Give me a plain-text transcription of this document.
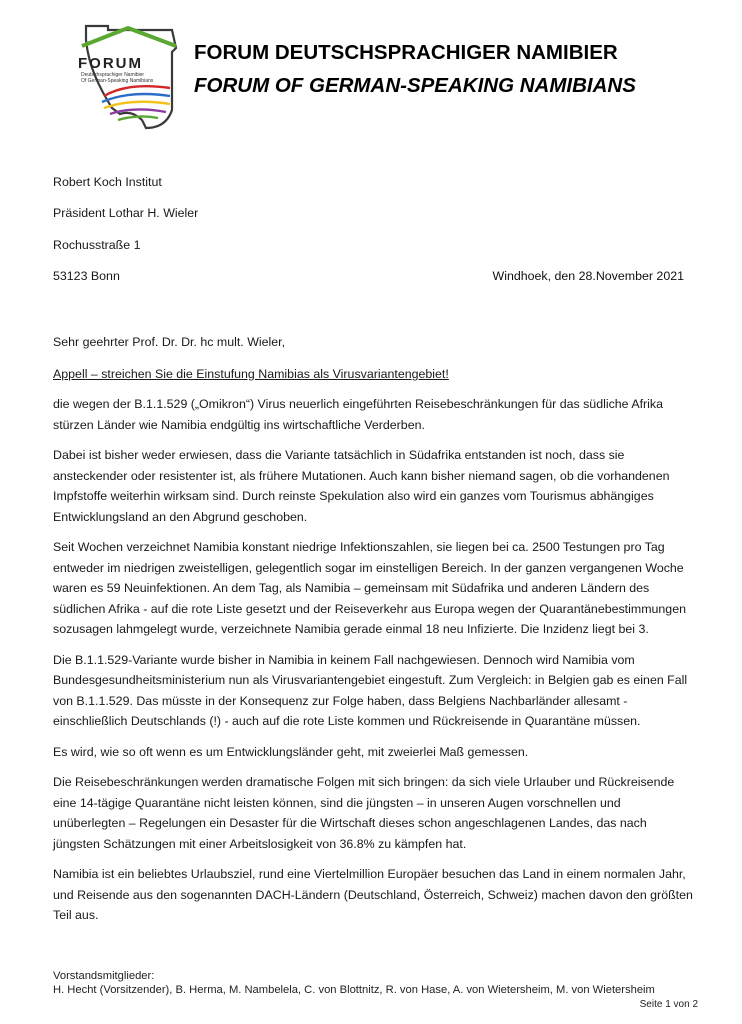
FORUM
Deutschsprachiger Namibier
Of German-Speaking Namibians
FORUM DEUTSCHSPRACHIGER NAMIBIER
FORUM OF GERMAN-SPEAKING NAMIBIANS
Robert Koch Institut
Präsident Lothar H. Wieler
Rochusstraße 1
53123 Bonn	Windhoek, den 28.November 2021
Sehr geehrter Prof. Dr. Dr. hc mult. Wieler,
Appell – streichen Sie die Einstufung Namibias als Virusvariantengebiet!

die wegen der B.1.1.529 („Omikron“) Virus neuerlich eingeführten Reisebeschränkungen für das südliche Afrika stürzen Länder wie Namibia endgültig ins wirtschaftliche Verderben.

Dabei ist bisher weder erwiesen, dass die Variante tatsächlich in Südafrika entstanden ist noch, dass sie ansteckender oder resistenter ist, als frühere Mutationen. Auch kann bisher niemand sagen, ob die vorhandenen Impfstoffe weiterhin wirksam sind. Durch reinste Spekulation also wird ein ganzes vom Tourismus abhängiges Entwicklungsland an den Abgrund geschoben.

Seit Wochen verzeichnet Namibia konstant niedrige Infektionszahlen, sie liegen bei ca. 2500 Testungen pro Tag entweder im niedrigen zweistelligen, gelegentlich sogar im einstelligen Bereich. In der ganzen vergangenen Woche waren es 59 Neuinfektionen. An dem Tag, als Namibia – gemeinsam mit Südafrika und anderen Ländern des südlichen Afrika - auf die rote Liste gesetzt und der Reiseverkehr aus Europa wegen der Quarantänebestimmungen sozusagen lahmgelegt wurde, verzeichnete Namibia gerade einmal 18 neu Infizierte. Die Inzidenz liegt bei 3.

Die B.1.1.529-Variante wurde bisher in Namibia in keinem Fall nachgewiesen. Dennoch wird Namibia vom Bundesgesundheitsministerium nun als Virusvariantengebiet eingestuft. Zum Vergleich: in Belgien gab es einen Fall von B.1.1.529. Das müsste in der Konsequenz zur Folge haben, dass Belgiens Nachbarländer allesamt - einschließlich Deutschlands (!) - auch auf die rote Liste kommen und Rückreisende in Quarantäne müssen.

Es wird, wie so oft wenn es um Entwicklungsländer geht, mit zweierlei Maß gemessen.

Die Reisebeschränkungen werden dramatische Folgen mit sich bringen: da sich viele Urlauber und Rückreisende eine 14-tägige Quarantäne nicht leisten können, sind die jüngsten – in unseren Augen vorschnellen und unüberlegten – Regelungen ein Desaster für die Wirtschaft dieses schon angeschlagenen Landes, das nach jüngsten Schätzungen mit einer Arbeitslosigkeit von 36.8% zu kämpfen hat.

Namibia ist ein beliebtes Urlaubsziel, rund eine Viertelmillion Europäer besuchen das Land in einem normalen Jahr, und Reisende aus den sogenannten DACH-Ländern (Deutschland, Österreich, Schweiz) machen davon den größten Teil aus.

Vorstandsmitglieder:
H. Hecht (Vorsitzender), B. Herma, M. Nambelela, C. von Blottnitz, R. von Hase, A. von Wietersheim, M. von Wietersheim
Seite 1 von 2
